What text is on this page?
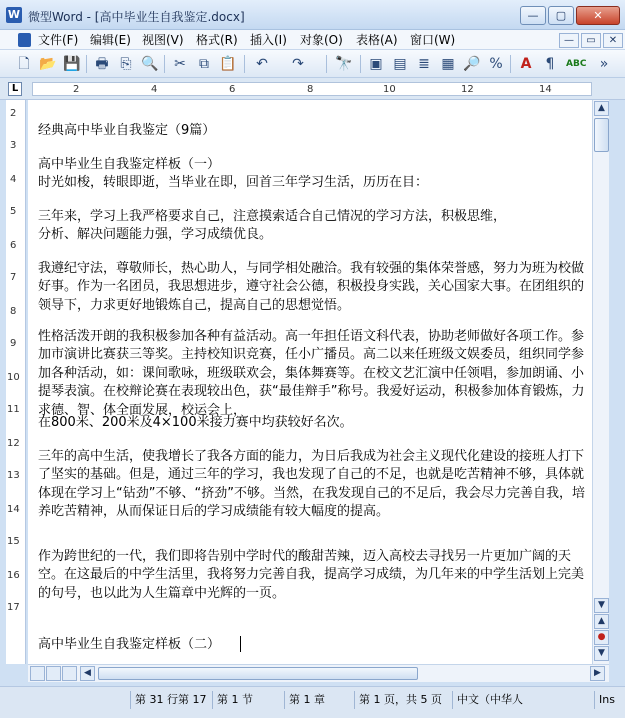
W 微型Word - [高中毕业生自我鉴定.docx]	—	▢	✕
文件(F) 编辑(E) 视图(V) 格式(R) 插入(I) 对象(O) 表格(A) 窗口(W)	—	▭	✕
🗋 📂 💾 🖶 ⎘ 🔍 ✂ ⧉ 📋 ↶ ↷ 🔭 ▣ ▤ ≣ ▦ 🔎 %	A	¶	ABC »
L	2	4	6	8	10	12	14
2
3
4
5
6
7
8
9
10
11
12
13
14
15
16
17
经典高中毕业自我鉴定（9篇）
高中毕业生自我鉴定样板（一）
时光如梭，转眼即逝，当毕业在即，回首三年学习生活，历历在目：
三年来，学习上我严格要求自己，注意摸索适合自己情况的学习方法，积极思维，
分析、解决问题能力强，学习成绩优良。
我遵纪守法，尊敬师长，热心助人，与同学相处融洽。我有较强的集体荣誉感，努力为班为校做好事。作为一名团员，我思想进步，遵守社会公德，积极投身实践，关心国家大事。在团组织的领导下，力求更好地锻炼自己，提高自己的思想觉悟。
性格活泼开朗的我积极参加各种有益活动。高一年担任语文科代表，协助老师做好各项工作。参加市演讲比赛获三等奖。主持校知识竞赛，任小广播员。高二以来任班级文娱委员，组织同学参加各种活动，如：课间歌咏，班级联欢会，集体舞赛等。在校文艺汇演中任领唱，参加朗诵、小提琴表演。在校辩论赛在表现较出色，获“最佳辩手”称号。我爱好运动，积极参加体育锻炼，力求德、智、体全面发展，校运会上，
在800米、200米及4×100米接力赛中均获较好名次。
三年的高中生活，使我增长了我各方面的能力，为日后我成为社会主义现代化建设的接班人打下了坚实的基础。但是，通过三年的学习，我也发现了自己的不足，也就是吃苦精神不够，具体就体现在学习上“钻劲”不够、“挤劲”不够。当然，在我发现自己的不足后，我会尽力完善自我，培养吃苦精神，从而保证日后的学习成绩能有较大幅度的提高。
作为跨世纪的一代，我们即将告别中学时代的酸甜苦辣，迈入高校去寻找另一片更加广阔的天空。在这最后的中学生活里，我将努力完善自我，提高学习成绩，为几年来的中学生活划上完美的句号，也以此为人生篇章中光辉的一页。
高中毕业生自我鉴定样板（二）
▲
▼
▲
●
▼
◀	▶
第 31 行第 17 第 1 节	第 1 章	第 1 页，共 5 页	中文（中华人	Ins
